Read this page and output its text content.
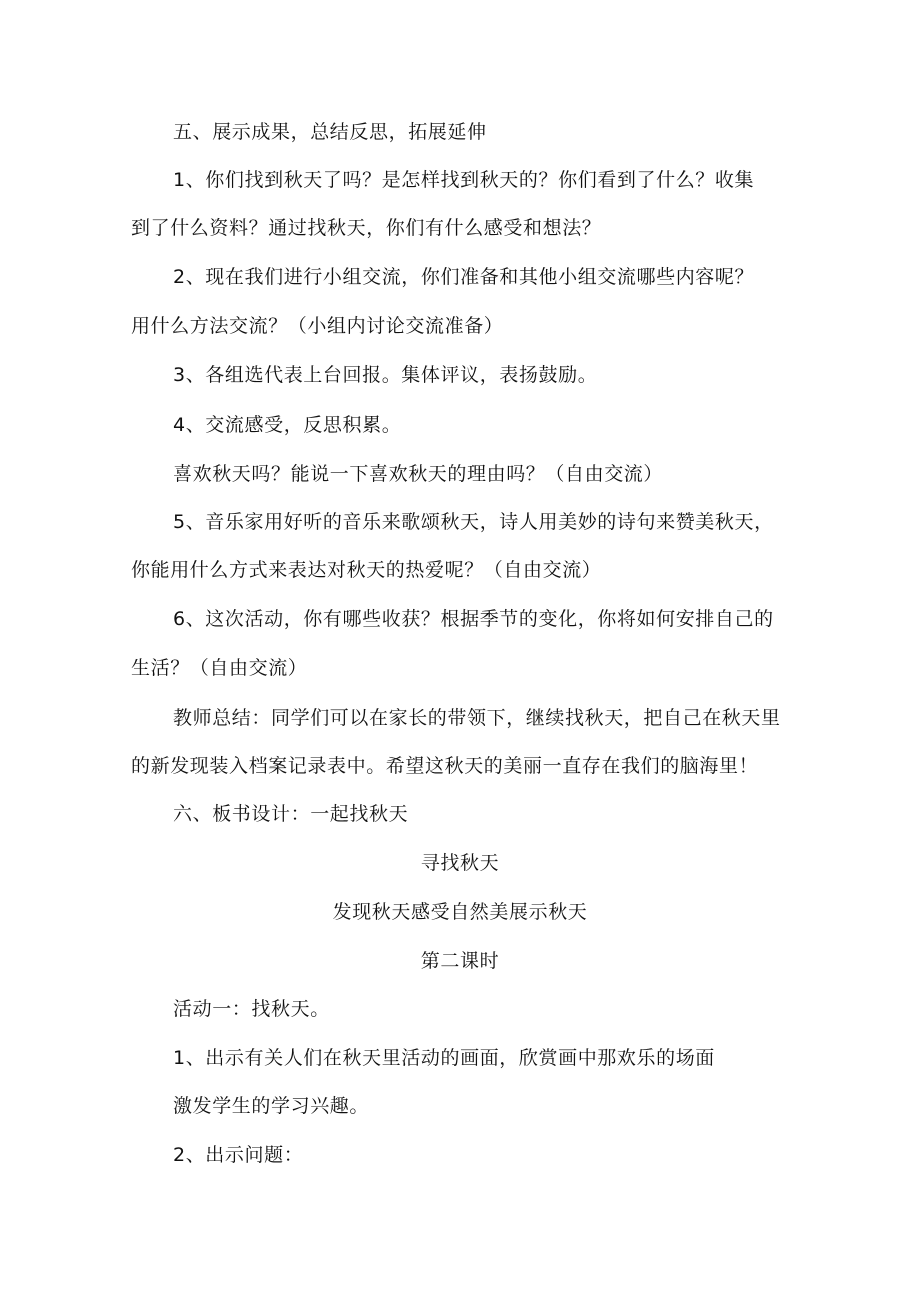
五、展示成果，总结反思，拓展延伸
1、你们找到秋天了吗？是怎样找到秋天的？你们看到了什么？收集
到了什么资料？通过找秋天，你们有什么感受和想法？
2、现在我们进行小组交流，你们准备和其他小组交流哪些内容呢？
用什么方法交流？（小组内讨论交流准备）
3、各组选代表上台回报。集体评议，表扬鼓励。
4、交流感受，反思积累。
喜欢秋天吗？能说一下喜欢秋天的理由吗？（自由交流）
5、音乐家用好听的音乐来歌颂秋天，诗人用美妙的诗句来赞美秋天，
你能用什么方式来表达对秋天的热爱呢？（自由交流）
6、这次活动，你有哪些收获？根据季节的变化，你将如何安排自己的
生活？（自由交流）
教师总结：同学们可以在家长的带领下，继续找秋天，把自己在秋天里
的新发现装入档案记录表中。希望这秋天的美丽一直存在我们的脑海里！
六、板书设计：一起找秋天
寻找秋天
发现秋天感受自然美展示秋天
第二课时
活动一：找秋天。
1、出示有关人们在秋天里活动的画面，欣赏画中那欢乐的场面
激发学生的学习兴趣。
2、出示问题：
